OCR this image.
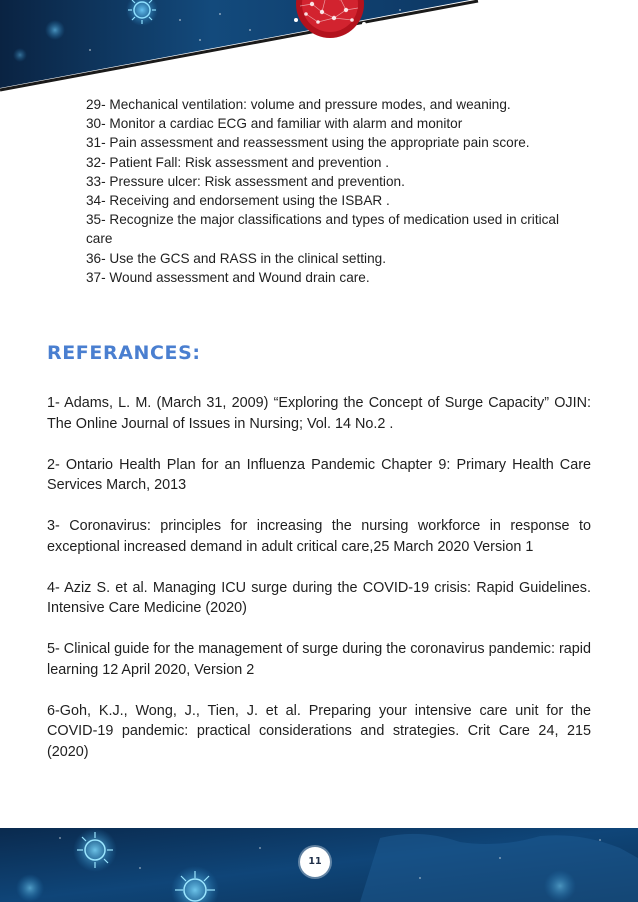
29- Mechanical ventilation: volume and pressure modes, and weaning.
30- Monitor a cardiac ECG and familiar with alarm and monitor
31- Pain assessment and reassessment using the appropriate pain score.
32- Patient Fall: Risk assessment and prevention .
33- Pressure ulcer: Risk assessment and prevention.
34- Receiving and endorsement using the ISBAR .
35- Recognize the major classifications and types of medication used in critical care
36- Use the GCS and RASS in the clinical setting.
37- Wound assessment and Wound drain care.
REFERANCES:
1- Adams, L. M. (March 31, 2009) “Exploring the Concept of Surge Capacity” OJIN: The Online Journal of Issues in Nursing; Vol. 14 No.2 .
2- Ontario Health Plan for an Influenza Pandemic Chapter 9: Primary Health Care Services March, 2013
3- Coronavirus: principles for increasing the nursing workforce in response to exceptional increased demand in adult critical care,25 March 2020 Version 1
4- Aziz S. et al. Managing ICU surge during the COVID-19 crisis: Rapid Guidelines. Intensive Care Medicine (2020)
5- Clinical guide for the management of surge during the coronavirus pandemic: rapid learning 12 April 2020, Version 2
6-Goh, K.J., Wong, J., Tien, J. et al. Preparing your intensive care unit for the COVID-19 pandemic: practical considerations and strategies. Crit Care 24, 215 (2020)
11
